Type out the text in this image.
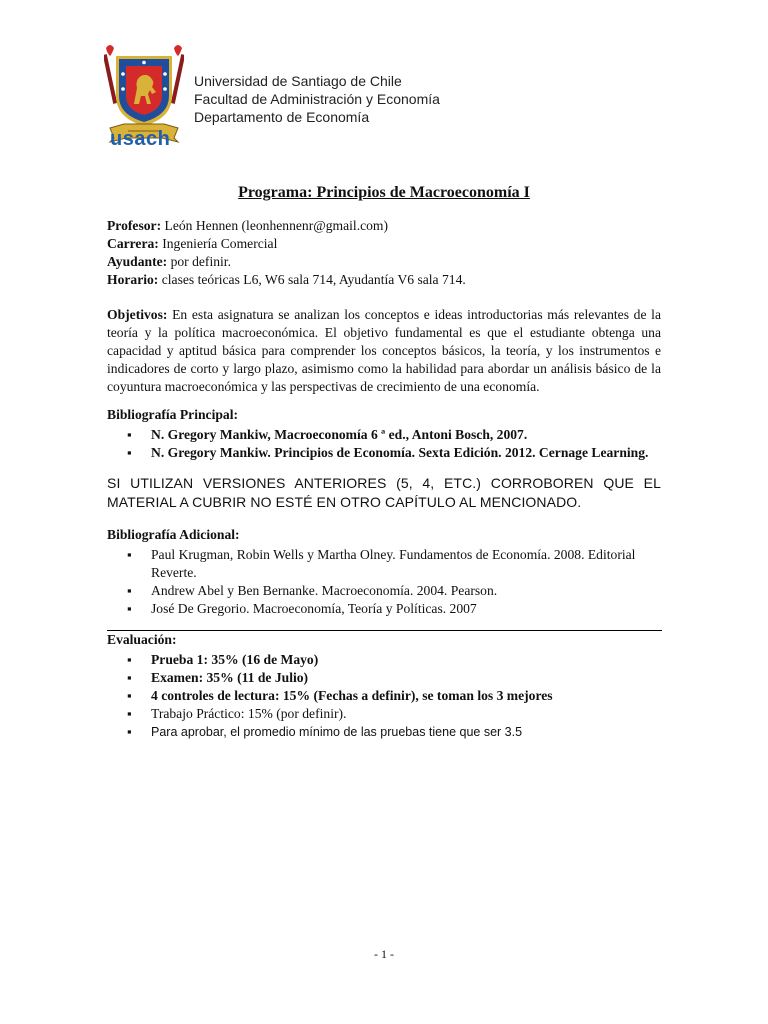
usach
Universidad de Santiago de Chile
Facultad de Administración y Economía
Departamento de Economía
Programa: Principios de Macroeconomía I

Profesor: León Hennen (leonhennenr@gmail.com)

Carrera: Ingeniería Comercial

Ayudante: por definir.

Horario: clases teóricas L6, W6 sala 714, Ayudantía V6 sala 714.

Objetivos: En esta asignatura se analizan los conceptos e ideas introductorias más relevantes de la teoría y la política macroeconómica. El objetivo fundamental es que el estudiante obtenga una capacidad y aptitud básica para comprender los conceptos básicos, la teoría, y los instrumentos e indicadores de corto y largo plazo, asimismo como la habilidad para abordar un análisis básico de la coyuntura macroeconómica y las perspectivas de crecimiento de una economía.

Bibliografía Principal:
▪ N. Gregory Mankiw, Macroeconomía 6 ª ed., Antoni Bosch, 2007.
▪ N. Gregory Mankiw. Principios de Economía. Sexta Edición. 2012. Cernage Learning.

SI UTILIZAN VERSIONES ANTERIORES (5, 4, ETC.) CORROBOREN QUE EL MATERIAL A CUBRIR NO ESTÉ EN OTRO CAPÍTULO AL MENCIONADO.

Bibliografía Adicional:
▪ Paul Krugman, Robin Wells y Martha Olney. Fundamentos de Economía. 2008. Editorial Reverte.
▪ Andrew Abel y Ben Bernanke. Macroeconomía. 2004. Pearson.
▪ José De Gregorio. Macroeconomía, Teoría y Políticas. 2007
Evaluación:
▪ Prueba 1: 35% (16 de Mayo)
▪ Examen: 35% (11 de Julio)
▪ 4 controles de lectura: 15% (Fechas a definir), se toman los 3 mejores
▪ Trabajo Práctico: 15% (por definir).
▪ Para aprobar, el promedio mínimo de las pruebas tiene que ser 3.5
- 1 -
